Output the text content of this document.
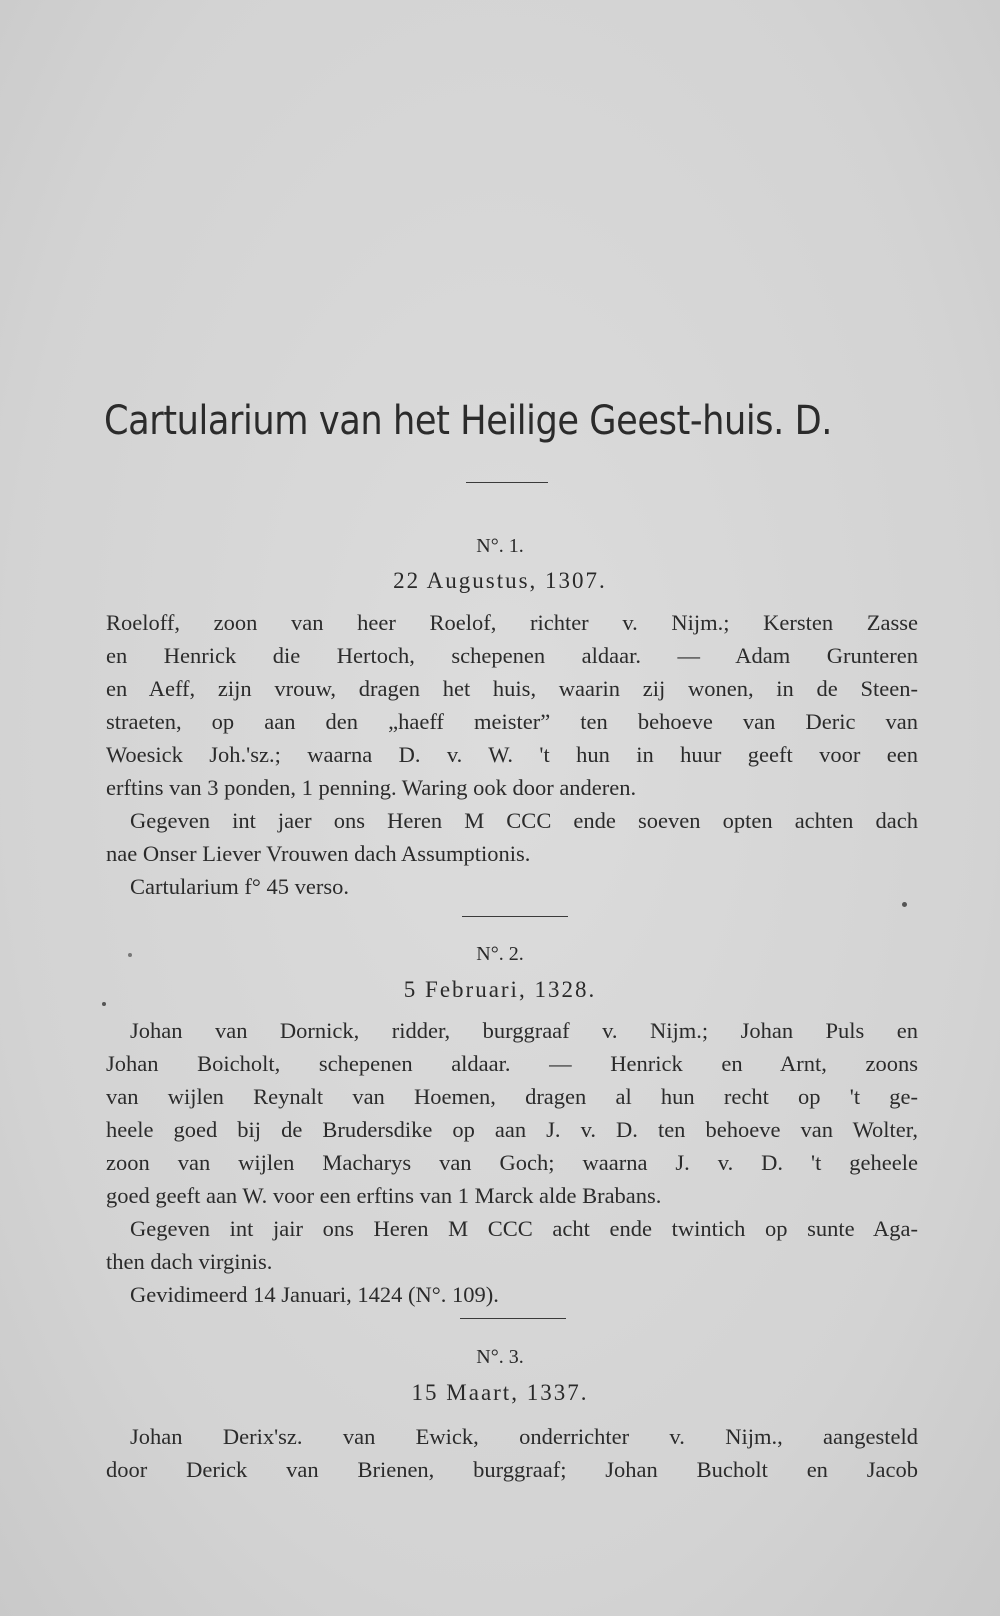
Cartularium van het Heilige Geest-huis. D.
N°. 1.
22 Augustus, 1307.
Roeloff, zoon van heer Roelof, richter v. Nijm.; Kersten Zasse
en Henrick die Hertoch, schepenen aldaar. — Adam Grunteren
en Aeff, zijn vrouw, dragen het huis, waarin zij wonen, in de Steen-
straeten, op aan den „haeff meister” ten behoeve van Deric van
Woesick Joh.'sz.; waarna D. v. W. 't hun in huur geeft voor een
erftins van 3 ponden, 1 penning. Waring ook door anderen.
Gegeven int jaer ons Heren M CCC ende soeven opten achten dach
nae Onser Liever Vrouwen dach Assumptionis.
Cartularium f° 45 verso.
N°. 2.
5 Februari, 1328.
Johan van Dornick, ridder, burggraaf v. Nijm.; Johan Puls en
Johan Boicholt, schepenen aldaar. — Henrick en Arnt, zoons
van wijlen Reynalt van Hoemen, dragen al hun recht op 't ge-
heele goed bij de Brudersdike op aan J. v. D. ten behoeve van Wolter,
zoon van wijlen Macharys van Goch; waarna J. v. D. 't geheele
goed geeft aan W. voor een erftins van 1 Marck alde Brabans.
Gegeven int jair ons Heren M CCC acht ende twintich op sunte Aga-
then dach virginis.
Gevidimeerd 14 Januari, 1424 (N°. 109).
N°. 3.
15 Maart, 1337.
Johan Derix'sz. van Ewick, onderrichter v. Nijm., aangesteld
door Derick van Brienen, burggraaf; Johan Bucholt en Jacob
